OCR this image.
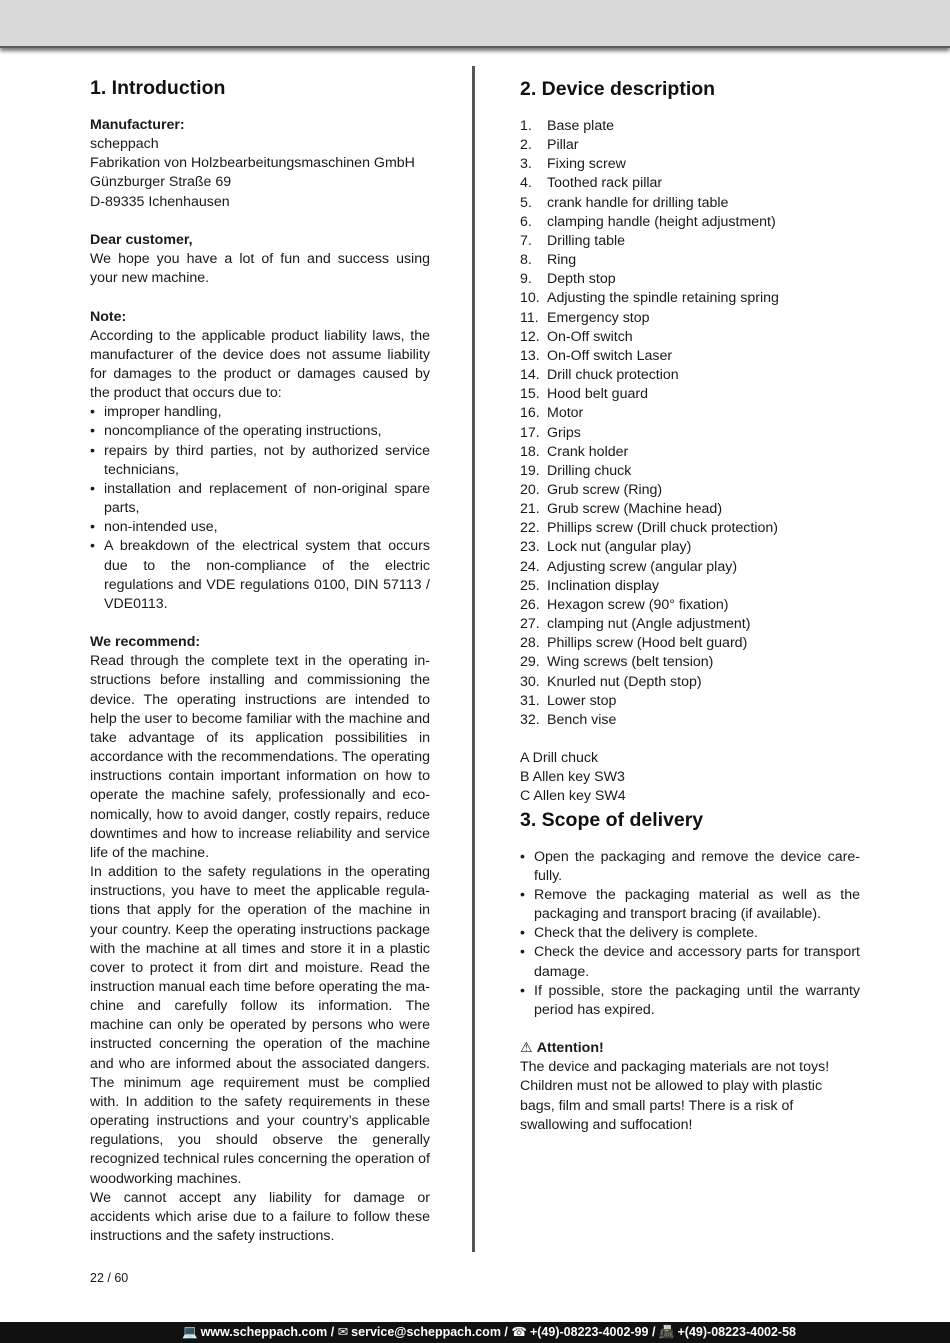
1. Introduction
Manufacturer:
scheppach
Fabrikation von Holzbearbeitungsmaschinen GmbH
Günzburger Straße 69
D-89335 Ichenhausen
Dear customer,
We hope you have a lot of fun and success using your new machine.
Note:
According to the applicable product liability laws, the manufacturer of the device does not assume liability for damages to the product or damages caused by the product that occurs due to:
• improper handling,
• noncompliance of the operating instructions,
• repairs by third parties, not by authorized service technicians,
• installation and replacement of non-original spare parts,
• non-intended use,
• A breakdown of the electrical system that occurs due to the non-compliance of the electric regulations and VDE regulations 0100, DIN 57113 / VDE0113.
We recommend:
Read through the complete text in the operating instructions before installing and commissioning the device. The operating instructions are intended to help the user to become familiar with the machine and take advantage of its application possibilities in accordance with the recommendations. The operating instructions contain important information on how to operate the machine safely, professionally and economically, how to avoid danger, costly repairs, reduce downtimes and how to increase reliability and service life of the machine.
In addition to the safety regulations in the operating instructions, you have to meet the applicable regulations that apply for the operation of the machine in your country. Keep the operating instructions package with the machine at all times and store it in a plastic cover to protect it from dirt and moisture. Read the instruction manual each time before operating the machine and carefully follow its information. The machine can only be operated by persons who were instructed concerning the operation of the machine and who are informed about the associated dangers. The minimum age requirement must be complied with. In addition to the safety requirements in these operating instructions and your country’s applicable regulations, you should observe the generally recognized technical rules concerning the operation of woodworking machines.
We cannot accept any liability for damage or accidents which arise due to a failure to follow these instructions and the safety instructions.
2. Device description
1.	Base plate
2.	Pillar
3.	Fixing screw
4.	Toothed rack pillar
5.	crank handle for drilling table
6.	clamping handle (height adjustment)
7.	Drilling table
8.	Ring
9.	Depth stop
10. Adjusting the spindle retaining spring
11. Emergency stop
12. On-Off switch
13. On-Off switch Laser
14. Drill chuck protection
15. Hood belt guard
16. Motor
17. Grips
18. Crank holder
19. Drilling chuck
20. Grub screw (Ring)
21. Grub screw (Machine head)
22. Phillips screw (Drill chuck protection)
23. Lock nut (angular play)
24. Adjusting screw (angular play)
25. Inclination display
26. Hexagon screw (90° fixation)
27. clamping nut (Angle adjustment)
28. Phillips screw (Hood belt guard)
29. Wing screws (belt tension)
30. Knurled nut (Depth stop)
31. Lower stop
32. Bench vise
A Drill chuck
B Allen key SW3
C Allen key SW4
3. Scope of delivery
• Open the packaging and remove the device carefully.
• Remove the packaging material as well as the packaging and transport bracing (if available).
• Check that the delivery is complete.
• Check the device and accessory parts for transport damage.
• If possible, store the packaging until the warranty period has expired.
⚠ Attention!
The device and packaging materials are not toys! Children must not be allowed to play with plastic bags, film and small parts! There is a risk of swallowing and suffocation!
22 / 60
💻 www.scheppach.com / ✉ service@scheppach.com / ☎ +(49)-08223-4002-99 / 📠 +(49)-08223-4002-58
